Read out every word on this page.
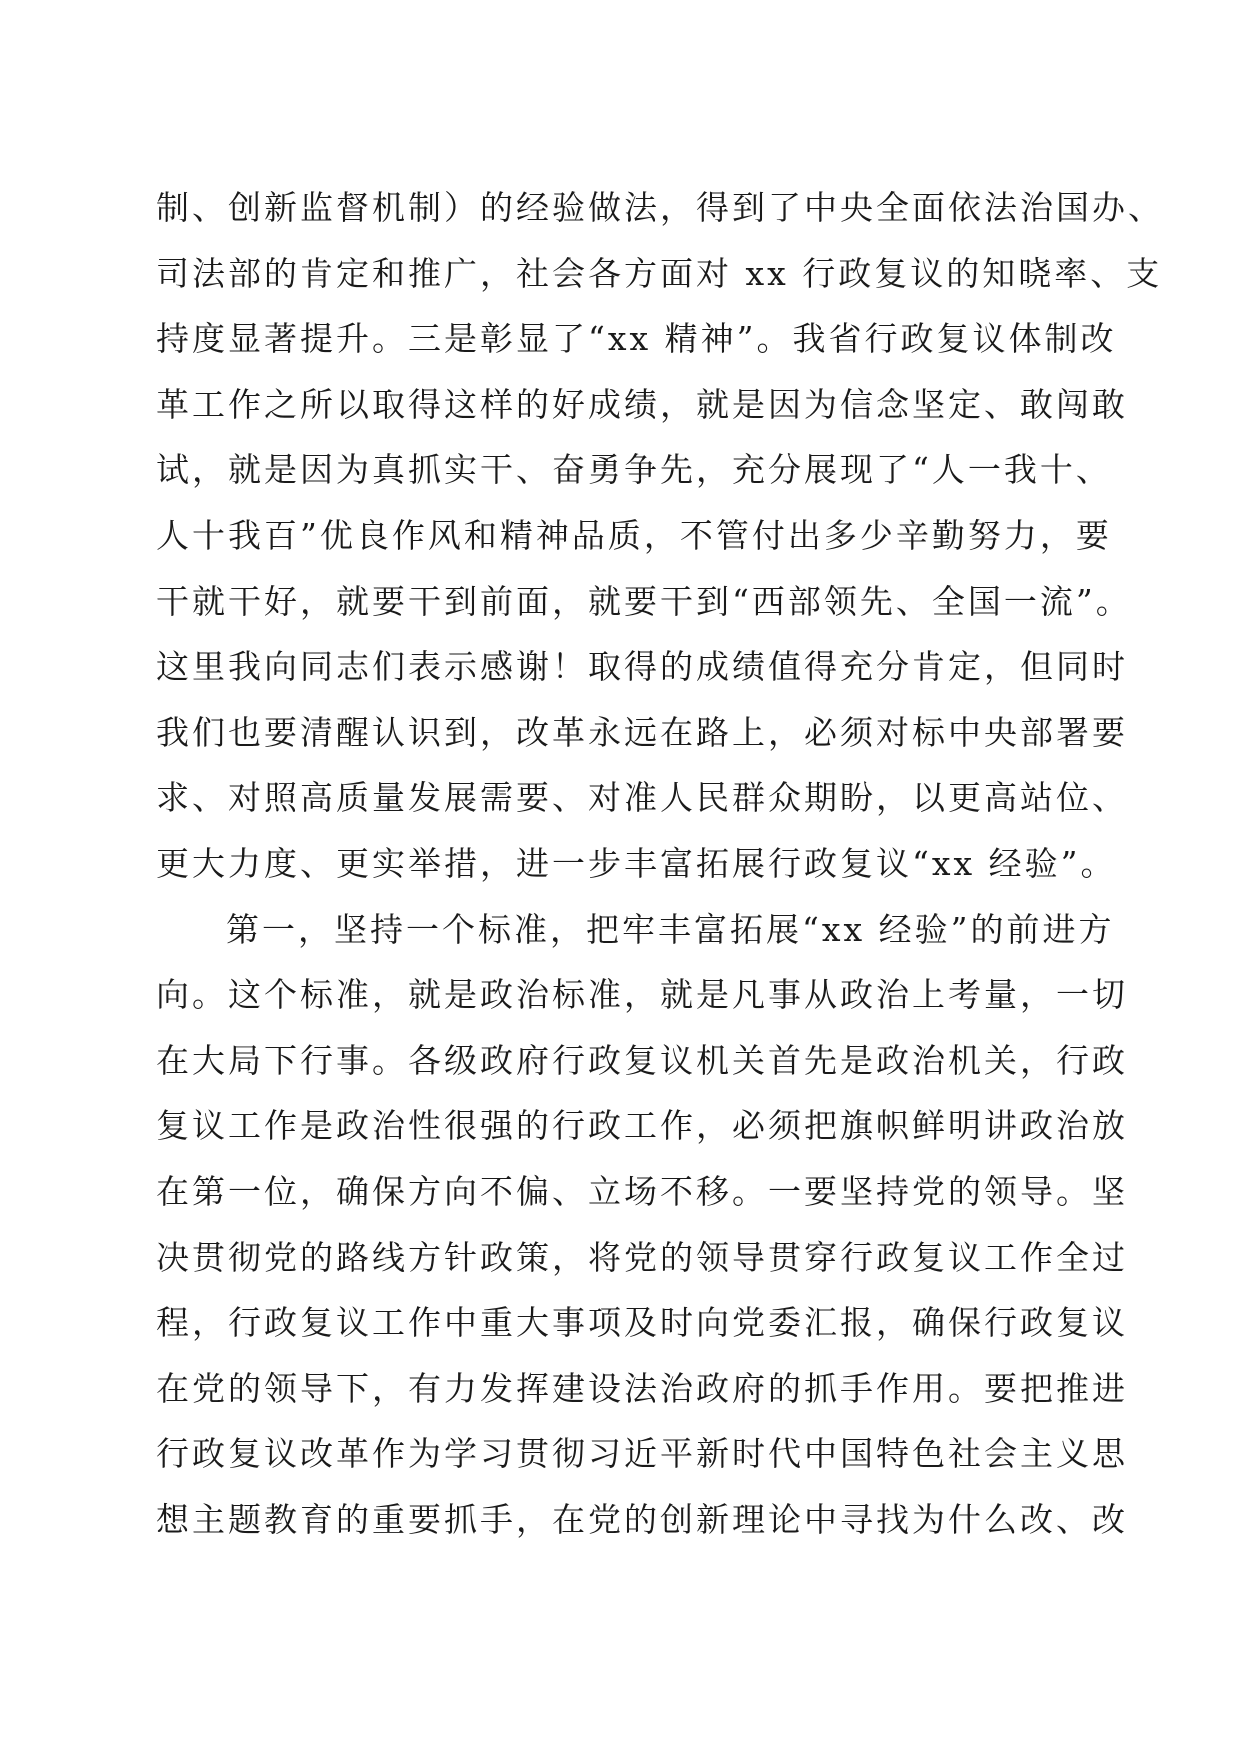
制、创新监督机制）的经验做法，得到了中央全面依法治国办、
司法部的肯定和推广，社会各方面对 xx 行政复议的知晓率、支
持度显著提升。三是彰显了“xx 精神”。我省行政复议体制改
革工作之所以取得这样的好成绩，就是因为信念坚定、敢闯敢
试，就是因为真抓实干、奋勇争先，充分展现了“人一我十、
人十我百”优良作风和精神品质，不管付出多少辛勤努力，要
干就干好，就要干到前面，就要干到“西部领先、全国一流”。
这里我向同志们表示感谢！取得的成绩值得充分肯定，但同时
我们也要清醒认识到，改革永远在路上，必须对标中央部署要
求、对照高质量发展需要、对准人民群众期盼，以更高站位、
更大力度、更实举措，进一步丰富拓展行政复议“xx 经验”。
第一，坚持一个标准，把牢丰富拓展“xx 经验”的前进方
向。这个标准，就是政治标准，就是凡事从政治上考量，一切
在大局下行事。各级政府行政复议机关首先是政治机关，行政
复议工作是政治性很强的行政工作，必须把旗帜鲜明讲政治放
在第一位，确保方向不偏、立场不移。一要坚持党的领导。坚
决贯彻党的路线方针政策，将党的领导贯穿行政复议工作全过
程，行政复议工作中重大事项及时向党委汇报，确保行政复议
在党的领导下，有力发挥建设法治政府的抓手作用。要把推进
行政复议改革作为学习贯彻习近平新时代中国特色社会主义思
想主题教育的重要抓手，在党的创新理论中寻找为什么改、改
